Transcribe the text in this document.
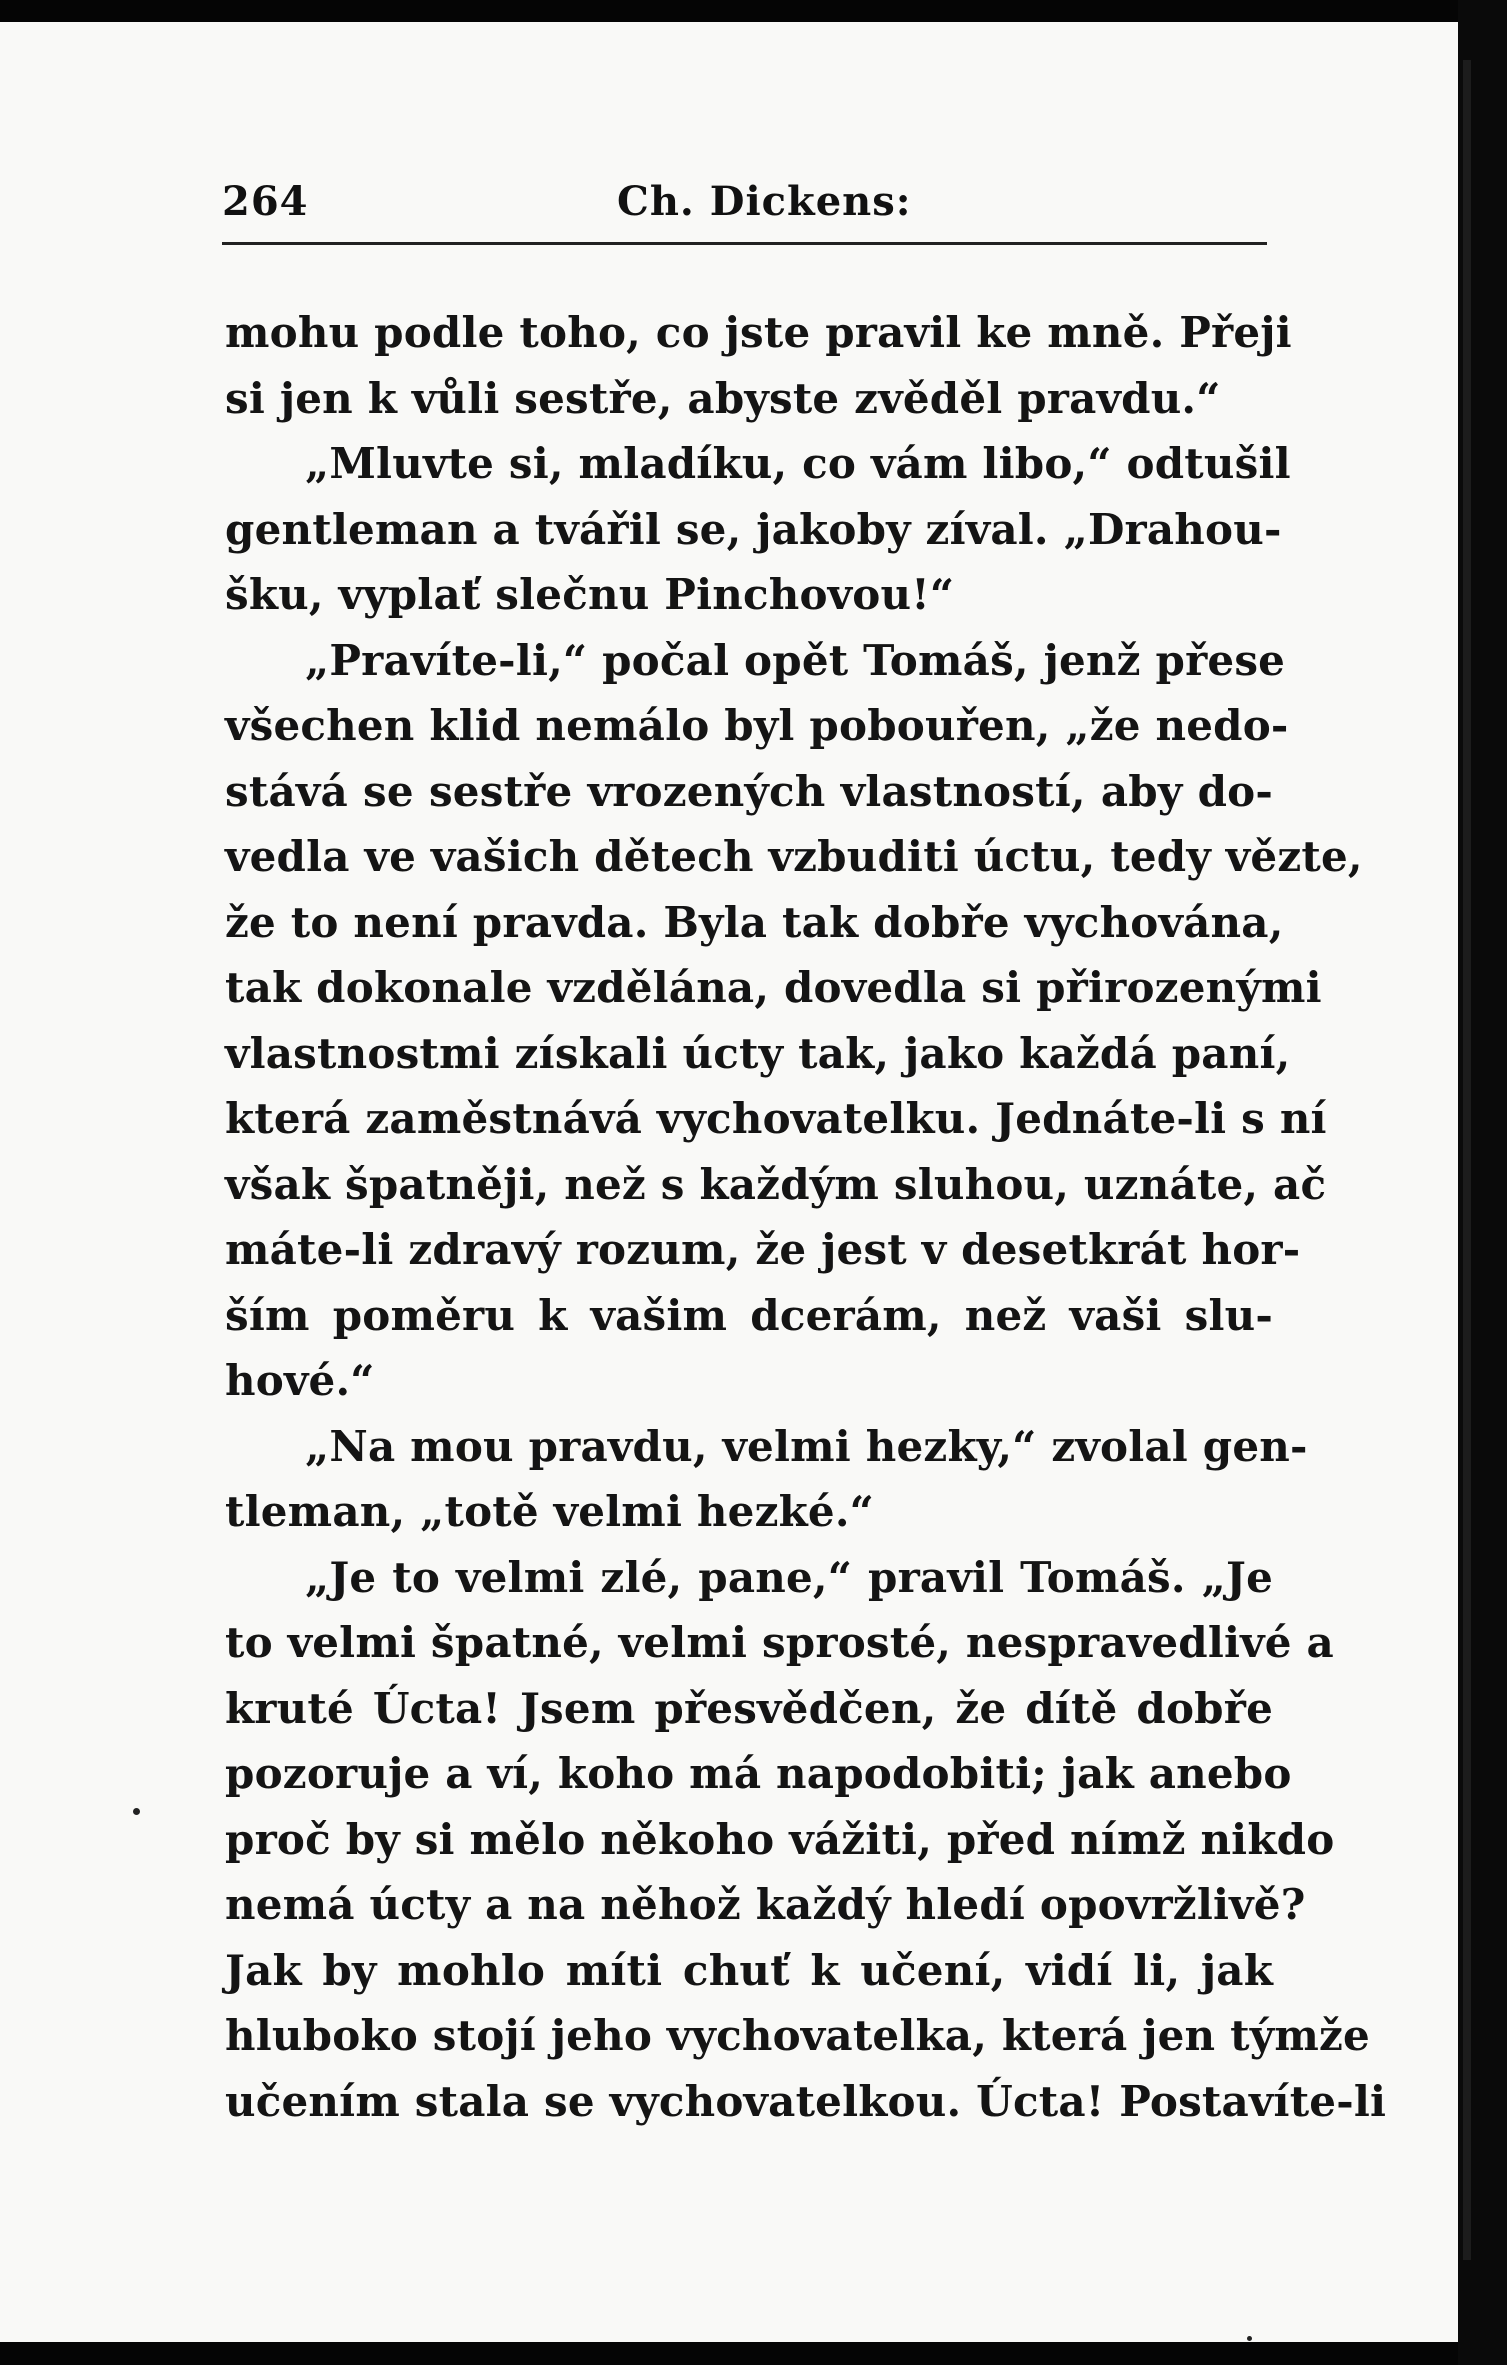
264	Ch. Dickens:
mohu podle toho, co jste pravil ke mně. Přeji
si jen k vůli sestře, abyste zvěděl pravdu.“
„Mluvte si, mladíku, co vám libo,“ odtušil
gentleman a tvářil se, jakoby zíval. „Drahou-
šku, vyplať slečnu Pinchovou!“
„Pravíte-li,“ počal opět Tomáš, jenž přese
všechen klid nemálo byl pobouřen, „že nedo-
stává se sestře vrozených vlastností, aby do-
vedla ve vašich dětech vzbuditi úctu, tedy vězte,
že to není pravda. Byla tak dobře vychována,
tak dokonale vzdělána, dovedla si přirozenými
vlastnostmi získali úcty tak, jako každá paní,
která zaměstnává vychovatelku. Jednáte-li s ní
však špatněji, než s každým sluhou, uznáte, ač
máte-li zdravý rozum, že jest v desetkrát hor-
ším poměru k vašim dcerám, než vaši slu-
hové.“
„Na mou pravdu, velmi hezky,“ zvolal gen-
tleman, „totě velmi hezké.“
„Je to velmi zlé, pane,“ pravil Tomáš. „Je
to velmi špatné, velmi sprosté, nespravedlivé a
kruté Úcta! Jsem přesvědčen, že dítě dobře
pozoruje a ví, koho má napodobiti; jak anebo
proč by si mělo někoho vážiti, před nímž nikdo
nemá úcty a na něhož každý hledí opovržlivě?
Jak by mohlo míti chuť k učení, vidí li, jak
hluboko stojí jeho vychovatelka, která jen týmže
učením stala se vychovatelkou. Úcta! Postavíte-li
